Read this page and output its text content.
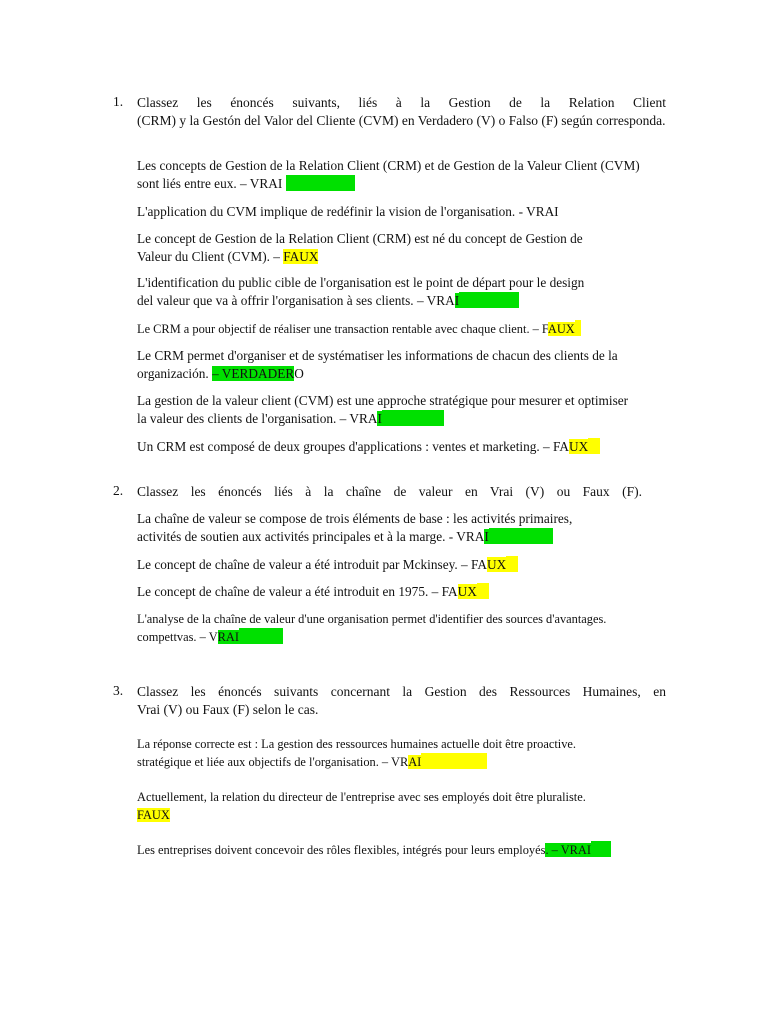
1. Classez les énoncés suivants, liés à la Gestion de la Relation Client
(CRM) y la Gestón del Valor del Cliente (CVM) en Verdadero (V) o Falso (F) según corresponda.
Les concepts de Gestion de la Relation Client (CRM) et de Gestion de la Valeur Client (CVM)
sont liés entre eux. – VRAI
L'application du CVM implique de redéfinir la vision de l'organisation. - VRAI
Le concept de Gestion de la Relation Client (CRM) est né du concept de Gestion de
Valeur du Client (CVM). – FAUX
L'identification du public cible de l'organisation est le point de départ pour le design
del valeur que va à offrir l'organisation à ses clients. – VRAI
Le CRM a pour objectif de réaliser une transaction rentable avec chaque client. – FAUX
Le CRM permet d'organiser et de systématiser les informations de chacun des clients de la
organización. – VERDADERO
La gestion de la valeur client (CVM) est une approche stratégique pour mesurer et optimiser
la valeur des clients de l'organisation. – VRAI
Un CRM est composé de deux groupes d'applications : ventes et marketing. – FAUX
2. Classez les énoncés liés à la chaîne de valeur en Vrai (V) ou Faux (F).
La chaîne de valeur se compose de trois éléments de base : les activités primaires,
activités de soutien aux activités principales et à la marge. - VRAI
Le concept de chaîne de valeur a été introduit par Mckinsey. – FAUX
Le concept de chaîne de valeur a été introduit en 1975. – FAUX
L'analyse de la chaîne de valeur d'une organisation permet d'identifier des sources d'avantages.
compettvas. – VRAI
3. Classez les énoncés suivants concernant la Gestion des Ressources Humaines, en
Vrai (V) ou Faux (F) selon le cas.
La réponse correcte est : La gestion des ressources humaines actuelle doit être proactive.
stratégique et liée aux objectifs de l'organisation. – VRAI
Actuellement, la relation du directeur de l'entreprise avec ses employés doit être pluraliste.
FAUX
Les entreprises doivent concevoir des rôles flexibles, intégrés pour leurs employés. – VRAI
